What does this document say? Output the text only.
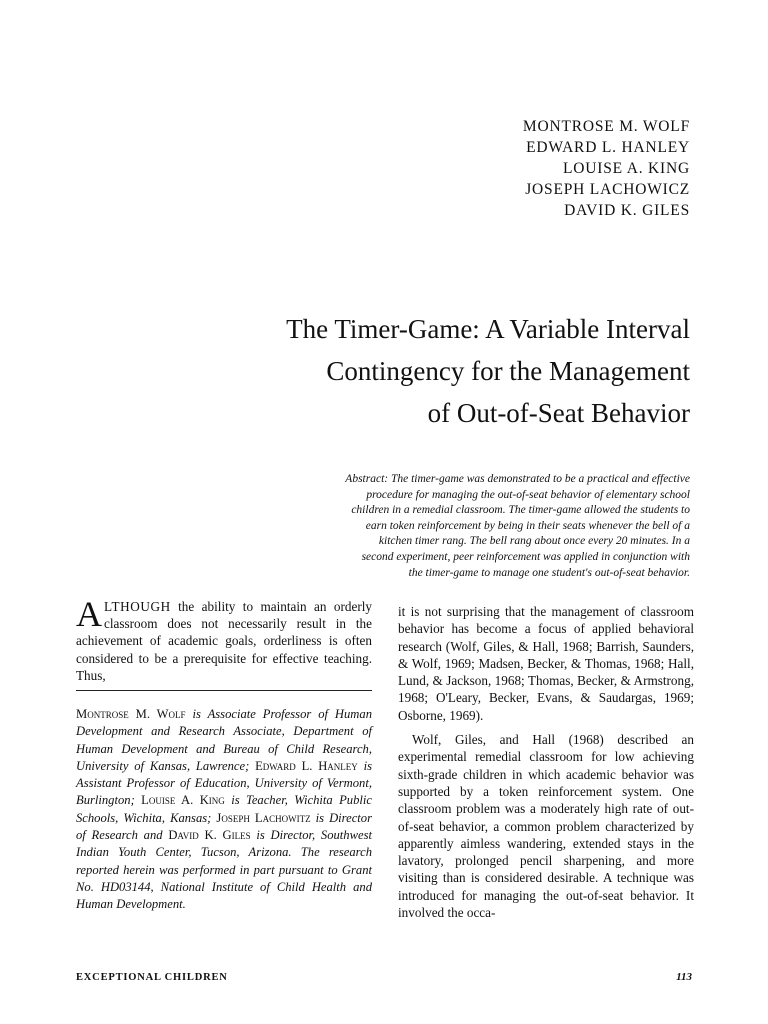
MONTROSE M. WOLF
EDWARD L. HANLEY
LOUISE A. KING
JOSEPH LACHOWICZ
DAVID K. GILES
The Timer-Game: A Variable Interval
Contingency for the Management
of Out-of-Seat Behavior
Abstract: The timer-game was demonstrated to be a practical and effective
procedure for managing the out-of-seat behavior of elementary school
children in a remedial classroom. The timer-game allowed the students to
earn token reinforcement by being in their seats whenever the bell of a
kitchen timer rang. The bell rang about once every 20 minutes. In a
second experiment, peer reinforcement was applied in conjunction with
the timer-game to manage one student's out-of-seat behavior.

ALTHOUGH the ability to maintain an orderly classroom does not necessarily result in the achievement of academic goals, orderliness is often considered to be a prerequisite for effective teaching. Thus,

Montrose M. Wolf is Associate Professor of Human Development and Research Associate, Department of Human Development and Bureau of Child Research, University of Kansas, Lawrence; Edward L. Hanley is Assistant Professor of Education, University of Vermont, Burlington; Louise A. King is Teacher, Wichita Public Schools, Wichita, Kansas; Joseph Lachowitz is Director of Research and David K. Giles is Director, Southwest Indian Youth Center, Tucson, Arizona. The research reported herein was performed in part pursuant to Grant No. HD03144, National Institute of Child Health and Human Development.

it is not surprising that the management of classroom behavior has become a focus of applied behavioral research (Wolf, Giles, & Hall, 1968; Barrish, Saunders, & Wolf, 1969; Madsen, Becker, & Thomas, 1968; Hall, Lund, & Jackson, 1968; Thomas, Becker, & Armstrong, 1968; O'Leary, Becker, Evans, & Saudargas, 1969; Osborne, 1969).

Wolf, Giles, and Hall (1968) described an experimental remedial classroom for low achieving sixth-grade children in which academic behavior was supported by a token reinforcement system. One classroom problem was a moderately high rate of out-of-seat behavior, a common problem characterized by apparently aimless wandering, extended stays in the lavatory, prolonged pencil sharpening, and more visiting than is considered desirable. A technique was introduced for managing the out-of-seat behavior. It involved the occa-

EXCEPTIONAL CHILDREN	113
